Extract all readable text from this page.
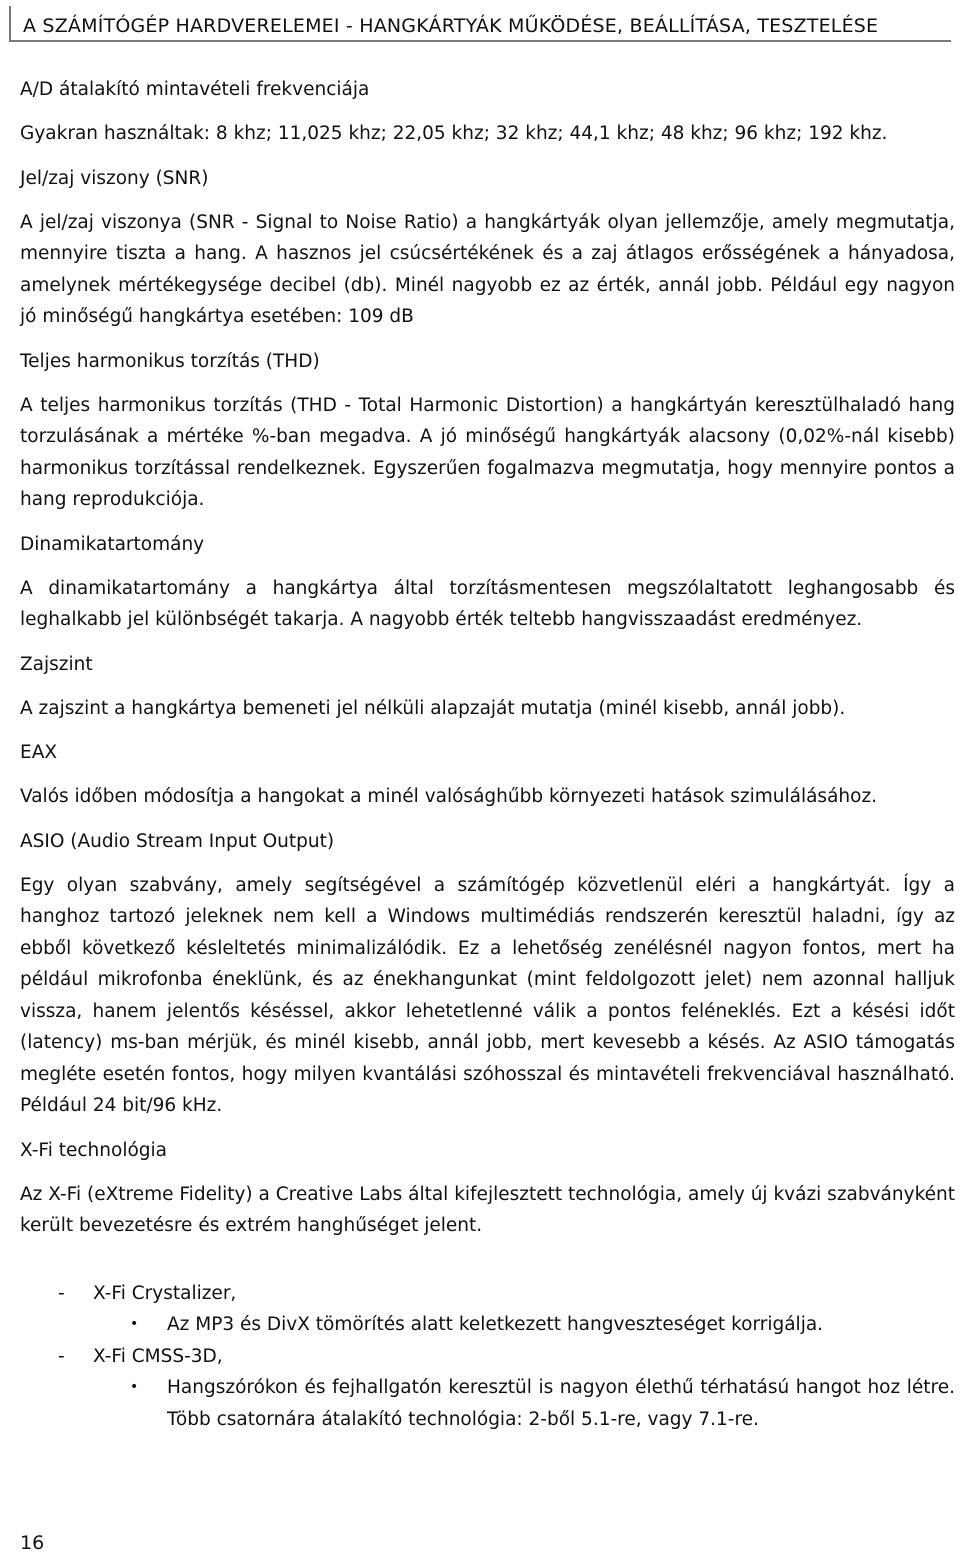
A SZÁMÍTÓGÉP HARDVERELEMEI - HANGKÁRTYÁK MŰKÖDÉSE, BEÁLLÍTÁSA, TESZTELÉSE
A/D átalakító mintavételi frekvenciája

Gyakran használtak: 8 khz; 11,025 khz; 22,05 khz; 32 khz; 44,1 khz; 48 khz; 96 khz; 192 khz.

Jel/zaj viszony (SNR)

A jel/zaj viszonya (SNR - Signal to Noise Ratio) a hangkártyák olyan jellemzője, amely megmutatja, mennyire tiszta a hang. A hasznos jel csúcsértékének és a zaj átlagos erősségének a hányadosa, amelynek mértékegysége decibel (db). Minél nagyobb ez az érték, annál jobb. Például egy nagyon jó minőségű hangkártya esetében: 109 dB

Teljes harmonikus torzítás (THD)

A teljes harmonikus torzítás (THD - Total Harmonic Distortion) a hangkártyán keresztülhaladó hang torzulásának a mértéke %-ban megadva. A jó minőségű hangkártyák alacsony (0,02%-nál kisebb) harmonikus torzítással rendelkeznek. Egyszerűen fogalmazva megmutatja, hogy mennyire pontos a hang reprodukciója.

Dinamikatartomány

A dinamikatartomány a hangkártya által torzításmentesen megszólaltatott leghangosabb és leghalkabb jel különbségét takarja. A nagyobb érték teltebb hangvisszaadást eredményez.

Zajszint

A zajszint a hangkártya bemeneti jel nélküli alapzaját mutatja (minél kisebb, annál jobb).

EAX

Valós időben módosítja a hangokat a minél valósághűbb környezeti hatások szimulálásához.

ASIO (Audio Stream Input Output)

Egy olyan szabvány, amely segítségével a számítógép közvetlenül eléri a hangkártyát. Így a hanghoz tartozó jeleknek nem kell a Windows multimédiás rendszerén keresztül haladni, így az ebből következő késleltetés minimalizálódik. Ez a lehetőség zenélésnél nagyon fontos, mert ha például mikrofonba éneklünk, és az énekhangunkat (mint feldolgozott jelet) nem azonnal halljuk vissza, hanem jelentős késéssel, akkor lehetetlenné válik a pontos feléneklés. Ezt a késési időt (latency) ms-ban mérjük, és minél kisebb, annál jobb, mert kevesebb a késés. Az ASIO támogatás megléte esetén fontos, hogy milyen kvantálási szóhosszal és mintavételi frekvenciával használható. Például 24 bit/96 kHz.

X-Fi technológia

Az X-Fi (eXtreme Fidelity) a Creative Labs által kifejlesztett technológia, amely új kvázi szabványként került bevezetésre és extrém hanghűséget jelent.

- X-Fi Crystalizer,
• Az MP3 és DivX tömörítés alatt keletkezett hangveszteséget korrigálja.
- X-Fi CMSS-3D,
• Hangszórókon és fejhallgatón keresztül is nagyon élethű térhatású hangot hoz létre. Több csatornára átalakító technológia: 2-ből 5.1-re, vagy 7.1-re.
16
